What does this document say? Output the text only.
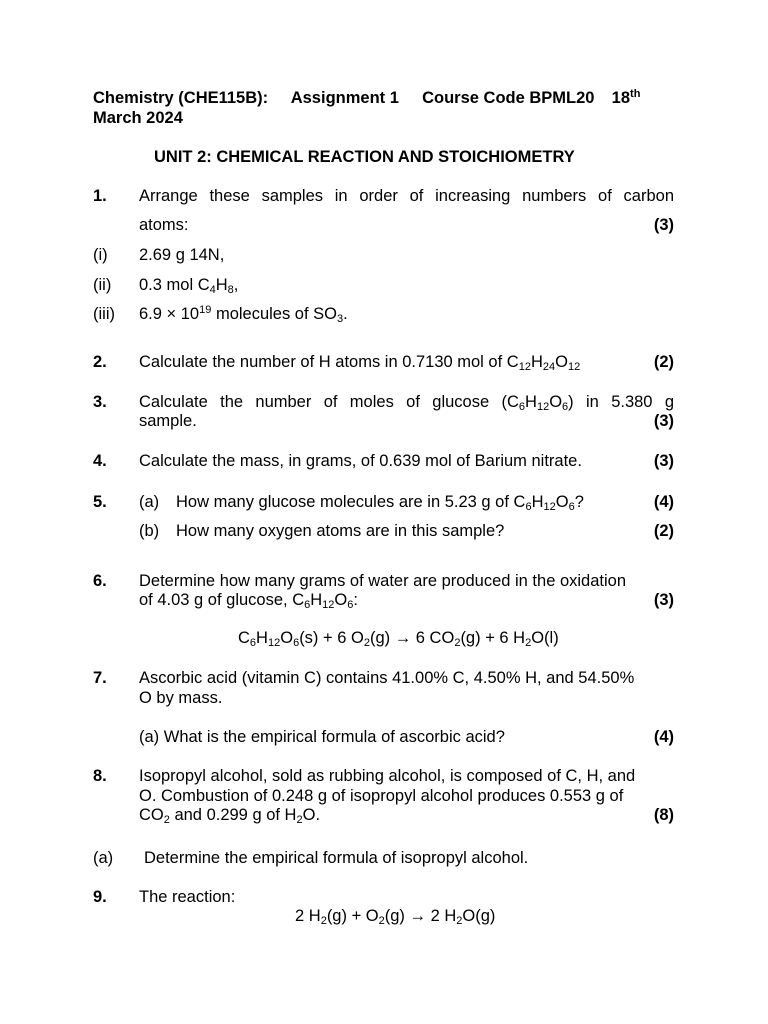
Chemistry (CHE115B): Assignment 1 Course Code BPML20 18th
March 2024
UNIT 2: CHEMICAL REACTION AND STOICHIOMETRY
1. Arrange these samples in order of increasing numbers of carbon
atoms:	(3)
(i) 2.69 g 14N,
(ii) 0.3 mol $C_4H_8$,
(iii) $6.9 \times 10^{19}$ molecules of $SO_3$.
2. Calculate the number of H atoms in 0.7130 mol of $C_{12}H_{24}O_{12}$	(2)
3. Calculate the number of moles of glucose $(C_6H_{12}O_6)$ in 5.380 g
sample.	(3)
4. Calculate the mass, in grams, of 0.639 mol of Barium nitrate.	(3)
5. (a) How many glucose molecules are in 5.23 g of $C_6H_{12}O_6$?	(4)
(b) How many oxygen atoms are in this sample?	(2)
6. Determine how many grams of water are produced in the oxidation
of 4.03 g of glucose, $C_6H_{12}O_6$:	(3)
$C_6H_{12}O_6(s) + 6$ $O_2(g) \to 6$ $CO_2(g) + 6$ $H_2O(l)$
7. Ascorbic acid (vitamin C) contains 41.00% C, 4.50% H, and 54.50%
O by mass.
(a) What is the empirical formula of ascorbic acid?	(4)
8. Isopropyl alcohol, sold as rubbing alcohol, is composed of C, H, and
O. Combustion of 0.248 g of isopropyl alcohol produces 0.553 g of
$CO_2$ and 0.299 g of $H_2O$.	(8)
(a) Determine the empirical formula of isopropyl alcohol.
9. The reaction:
2 $H_2(g) + O_2(g) \to 2$ $H_2O(g)$
